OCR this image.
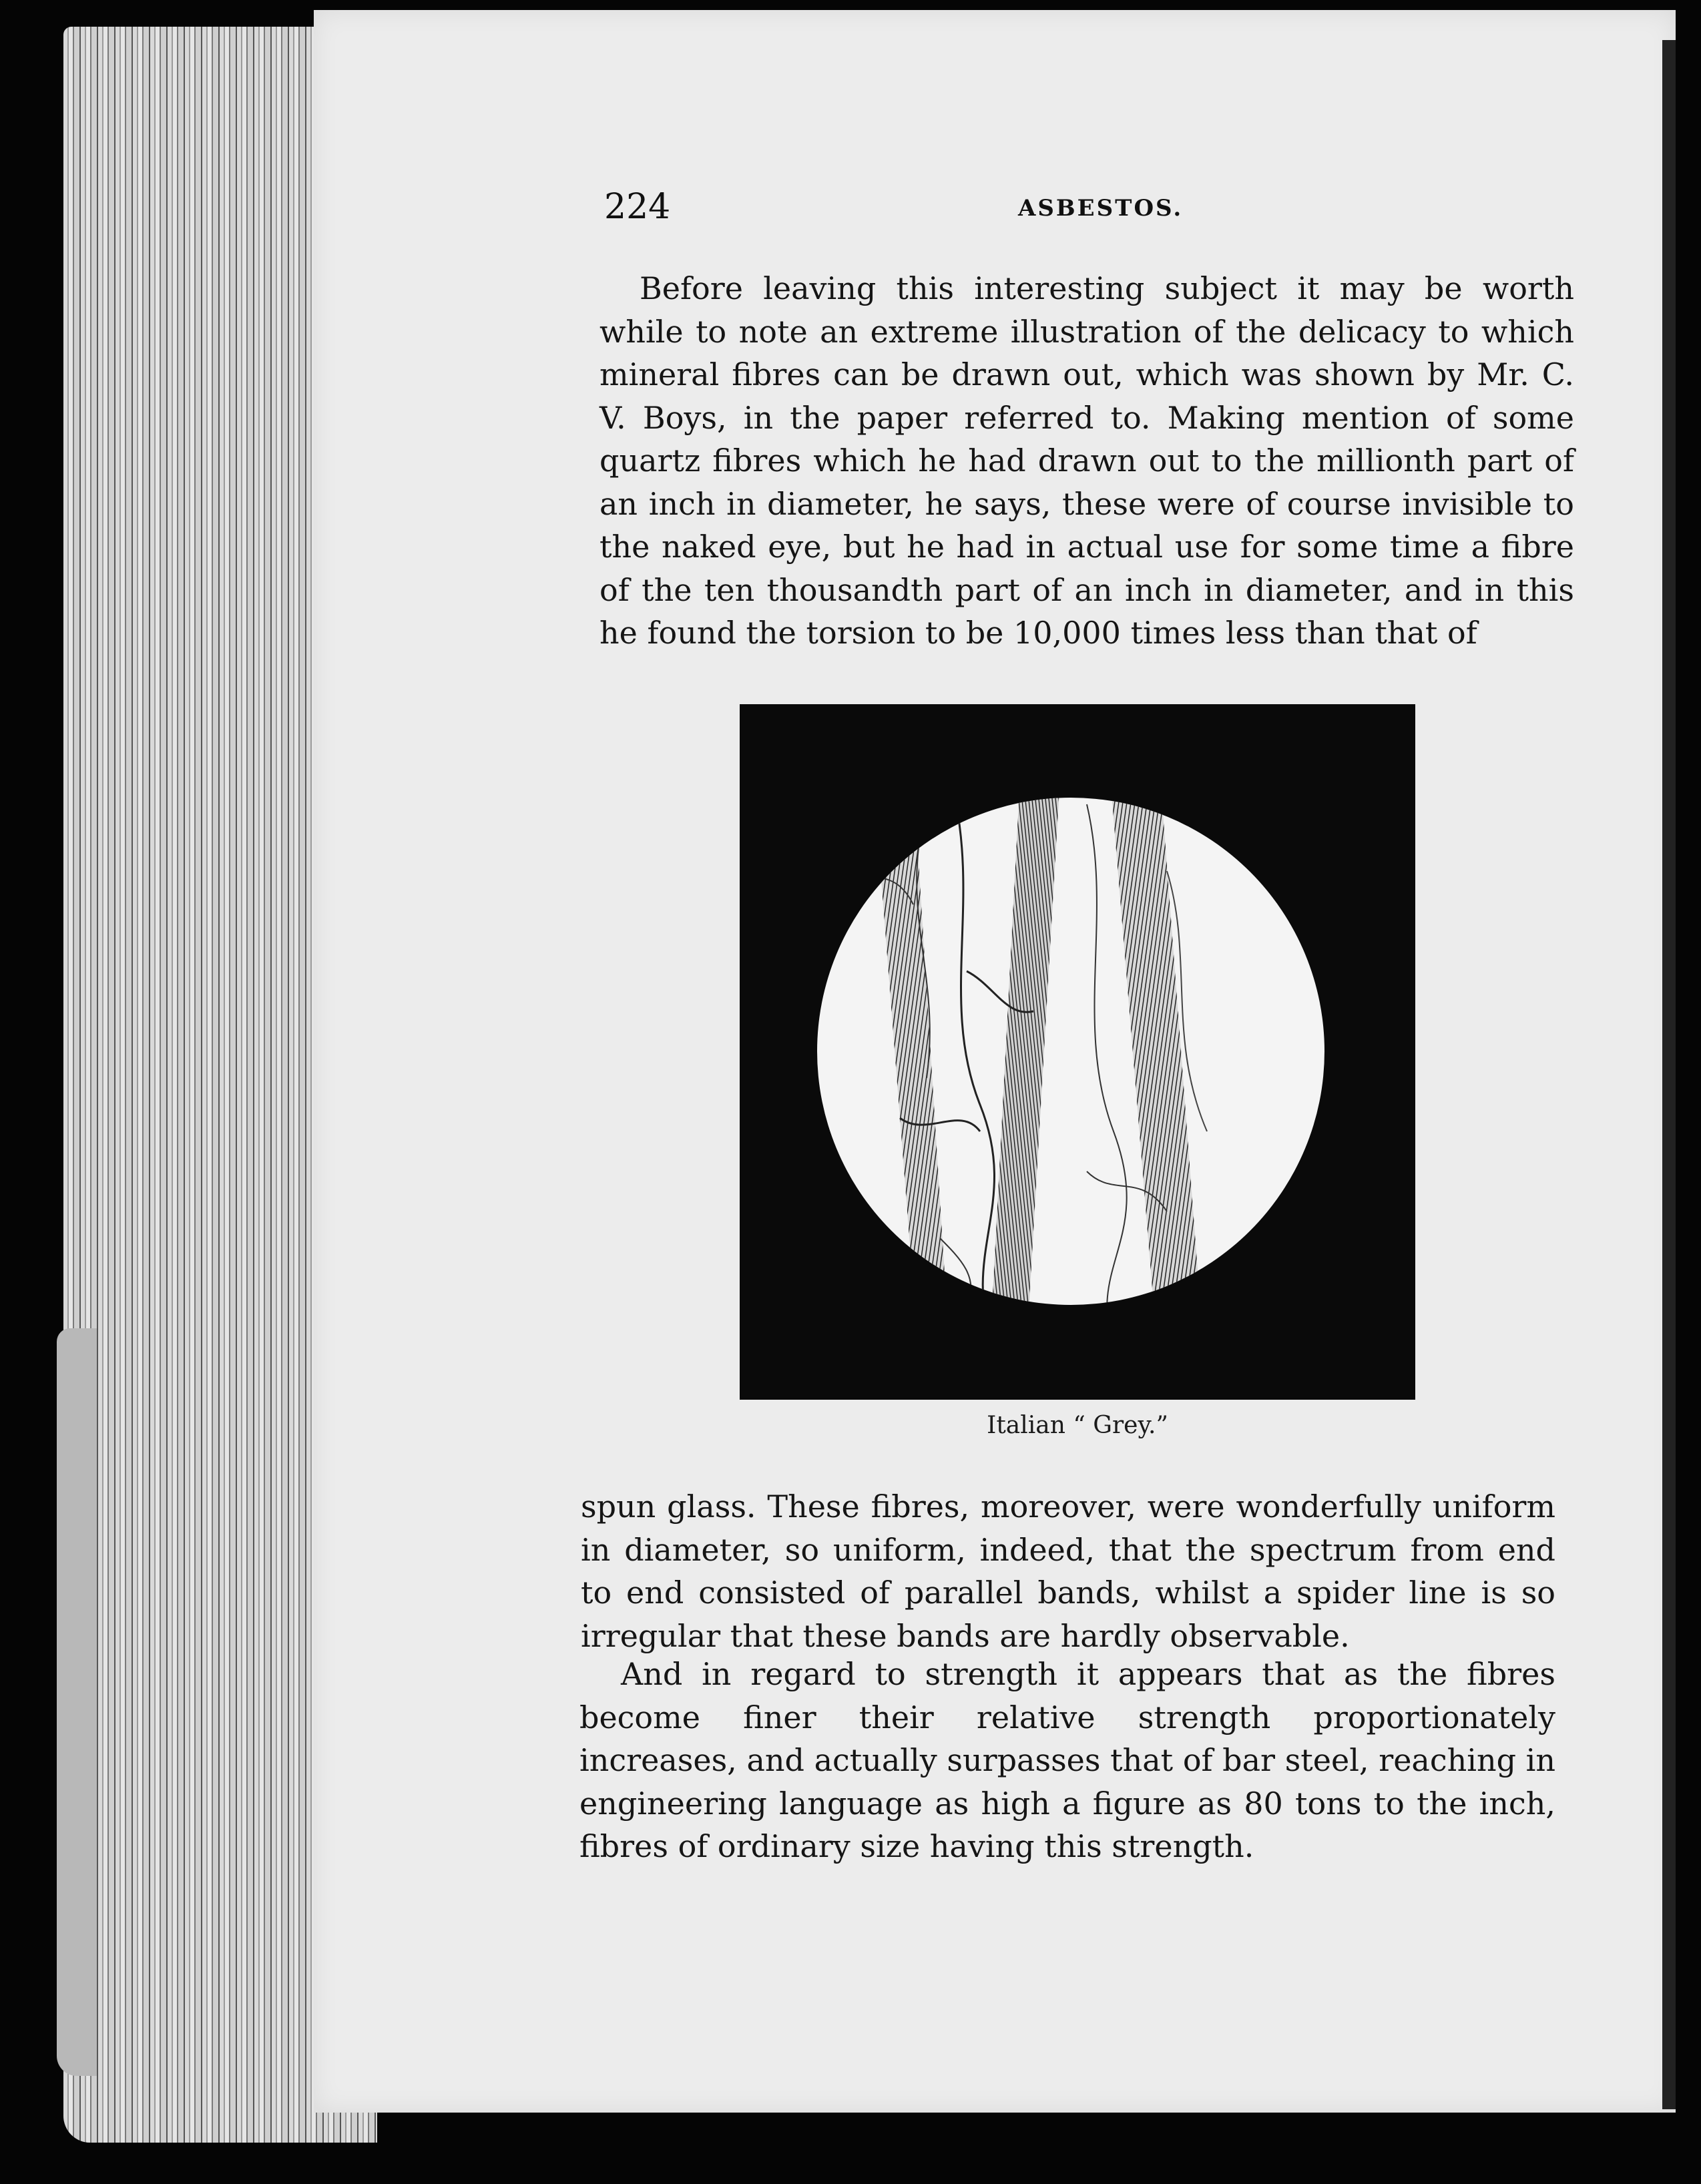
224	ASBESTOS.

Before leaving this interesting subject it may be worth while to note an extreme illustration of the delicacy to which mineral fibres can be drawn out, which was shown by Mr. C. V. Boys, in the paper referred to. Making mention of some quartz fibres which he had drawn out to the millionth part of an inch in diameter, he says, these were of course invisible to the naked eye, but he had in actual use for some time a fibre of the ten thousandth part of an inch in diameter, and in this he found the torsion to be 10,000 times less than that of

Italian “ Grey.”

spun glass. These fibres, moreover, were wonderfully uniform in diameter, so uniform, indeed, that the spectrum from end to end consisted of parallel bands, whilst a spider line is so irregular that these bands are hardly observable.

And in regard to strength it appears that as the fibres become finer their relative strength proportionately increases, and actually surpasses that of bar steel, reaching in engineering language as high a figure as 80 tons to the inch, fibres of ordinary size having this strength.
